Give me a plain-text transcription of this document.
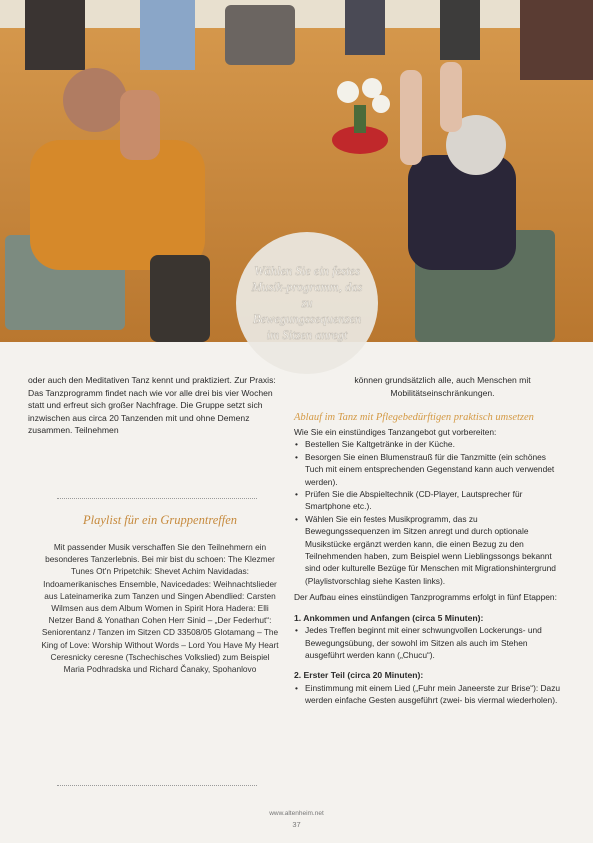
Wählen Sie ein festes Musik-programm, das zu Bewegungssequenzen im Sitzen anregt
oder auch den Meditativen Tanz kennt und praktiziert. Zur Praxis: Das Tanzprogramm findet nach wie vor alle drei bis vier Wochen statt und erfreut sich großer Nachfrage. Die Gruppe setzt sich inzwischen aus circa 20 Tanzenden mit und ohne Demenz zusammen. Teilnehmen
können grundsätzlich alle, auch Menschen mit Mobilitätseinschränkungen.
Playlist für ein Gruppentreffen
Mit passender Musik verschaffen Sie den Teilnehmern ein besonderes Tanzerlebnis. Bei mir bist du schoen: The Klezmer Tunes Ot'n Pripetchik: Shevet Achim Navidadas: Indoamerikanisches Ensemble, Navicedades: Weihnachtslieder aus Lateinamerika zum Tanzen und Singen Abendlied: Carsten Wilmsen aus dem Album Women in Spirit Hora Hadera: Elli Netzer Band & Yonathan Cohen Herr Sinid – „Der Federhut“: Seniorentanz / Tanzen im Sitzen CD 33508/05 Glotamang – The King of Love: Worship Without Words – Lord You Have My Heart Ceresnicky ceresne (Tschechisches Volkslied) zum Beispiel Maria Podhradska und Richard Čanaky, Spohanlovo
Ablauf im Tanz mit Pflegebedürftigen praktisch umsetzen

Wie Sie ein einstündiges Tanzangebot gut vorbereiten:

• Bestellen Sie Kaltgetränke in der Küche.
• Besorgen Sie einen Blumenstrauß für die Tanzmitte (ein schönes Tuch mit einem entsprechenden Gegenstand kann auch verwendet werden).
• Prüfen Sie die Abspieltechnik (CD-Player, Lautsprecher für Smartphone etc.).
• Wählen Sie ein festes Musikprogramm, das zu Bewegungssequenzen im Sitzen anregt und durch optionale Musikstücke ergänzt werden kann, die einen Bezug zu den Teilnehmenden haben, zum Beispiel wenn Lieblingssongs bekannt sind oder kulturelle Bezüge für Menschen mit Migrationshintergrund (Playlistvorschlag siehe Kasten links).

Der Aufbau eines einstündigen Tanzprogramms erfolgt in fünf Etappen:

1. Ankommen und Anfangen (circa 5 Minuten):
• Jedes Treffen beginnt mit einer schwungvollen Lockerungs- und Bewegungsübung, der sowohl im Sitzen als auch im Stehen ausgeführt werden kann („Chucu“).
2. Erster Teil (circa 20 Minuten):
• Einstimmung mit einem Lied („Fuhr mein Janeerste zur Brise“): Dazu werden einfache Gesten ausgeführt (zwei- bis viermal wiederholen).
www.altenheim.net
37
